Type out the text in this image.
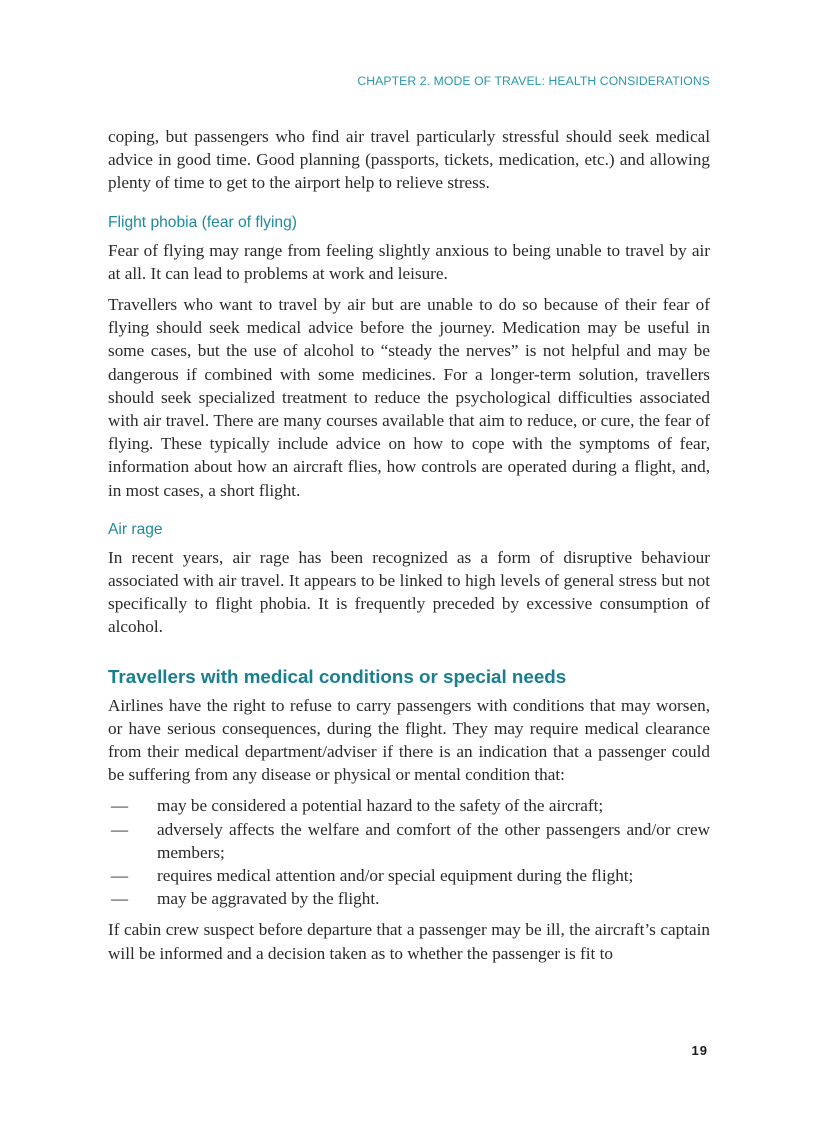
CHAPTER 2. MODE OF TRAVEL: HEALTH CONSIDERATIONS

coping, but passengers who find air travel particularly stressful should seek medical advice in good time. Good planning (passports, tickets, medication, etc.) and allowing plenty of time to get to the airport help to relieve stress.

Flight phobia (fear of flying)

Fear of flying may range from feeling slightly anxious to being unable to travel by air at all. It can lead to problems at work and leisure.

Travellers who want to travel by air but are unable to do so because of their fear of flying should seek medical advice before the journey. Medication may be useful in some cases, but the use of alcohol to “steady the nerves” is not helpful and may be dangerous if combined with some medicines. For a longer-term solution, travellers should seek specialized treatment to reduce the psychological difficulties associated with air travel. There are many courses available that aim to reduce, or cure, the fear of flying. These typically include advice on how to cope with the symptoms of fear, information about how an aircraft flies, how controls are operated during a flight, and, in most cases, a short flight.

Air rage

In recent years, air rage has been recognized as a form of disruptive behaviour associated with air travel. It appears to be linked to high levels of general stress but not specifically to flight phobia. It is frequently preceded by excessive consumption of alcohol.

Travellers with medical conditions or special needs

Airlines have the right to refuse to carry passengers with conditions that may worsen, or have serious consequences, during the flight. They may require medical clearance from their medical department/adviser if there is an indication that a passenger could be suffering from any disease or physical or mental condition that:

— may be considered a potential hazard to the safety of the aircraft;
— adversely affects the welfare and comfort of the other passengers and/or crew members;
— requires medical attention and/or special equipment during the flight;
— may be aggravated by the flight.

If cabin crew suspect before departure that a passenger may be ill, the aircraft’s captain will be informed and a decision taken as to whether the passenger is fit to

19
